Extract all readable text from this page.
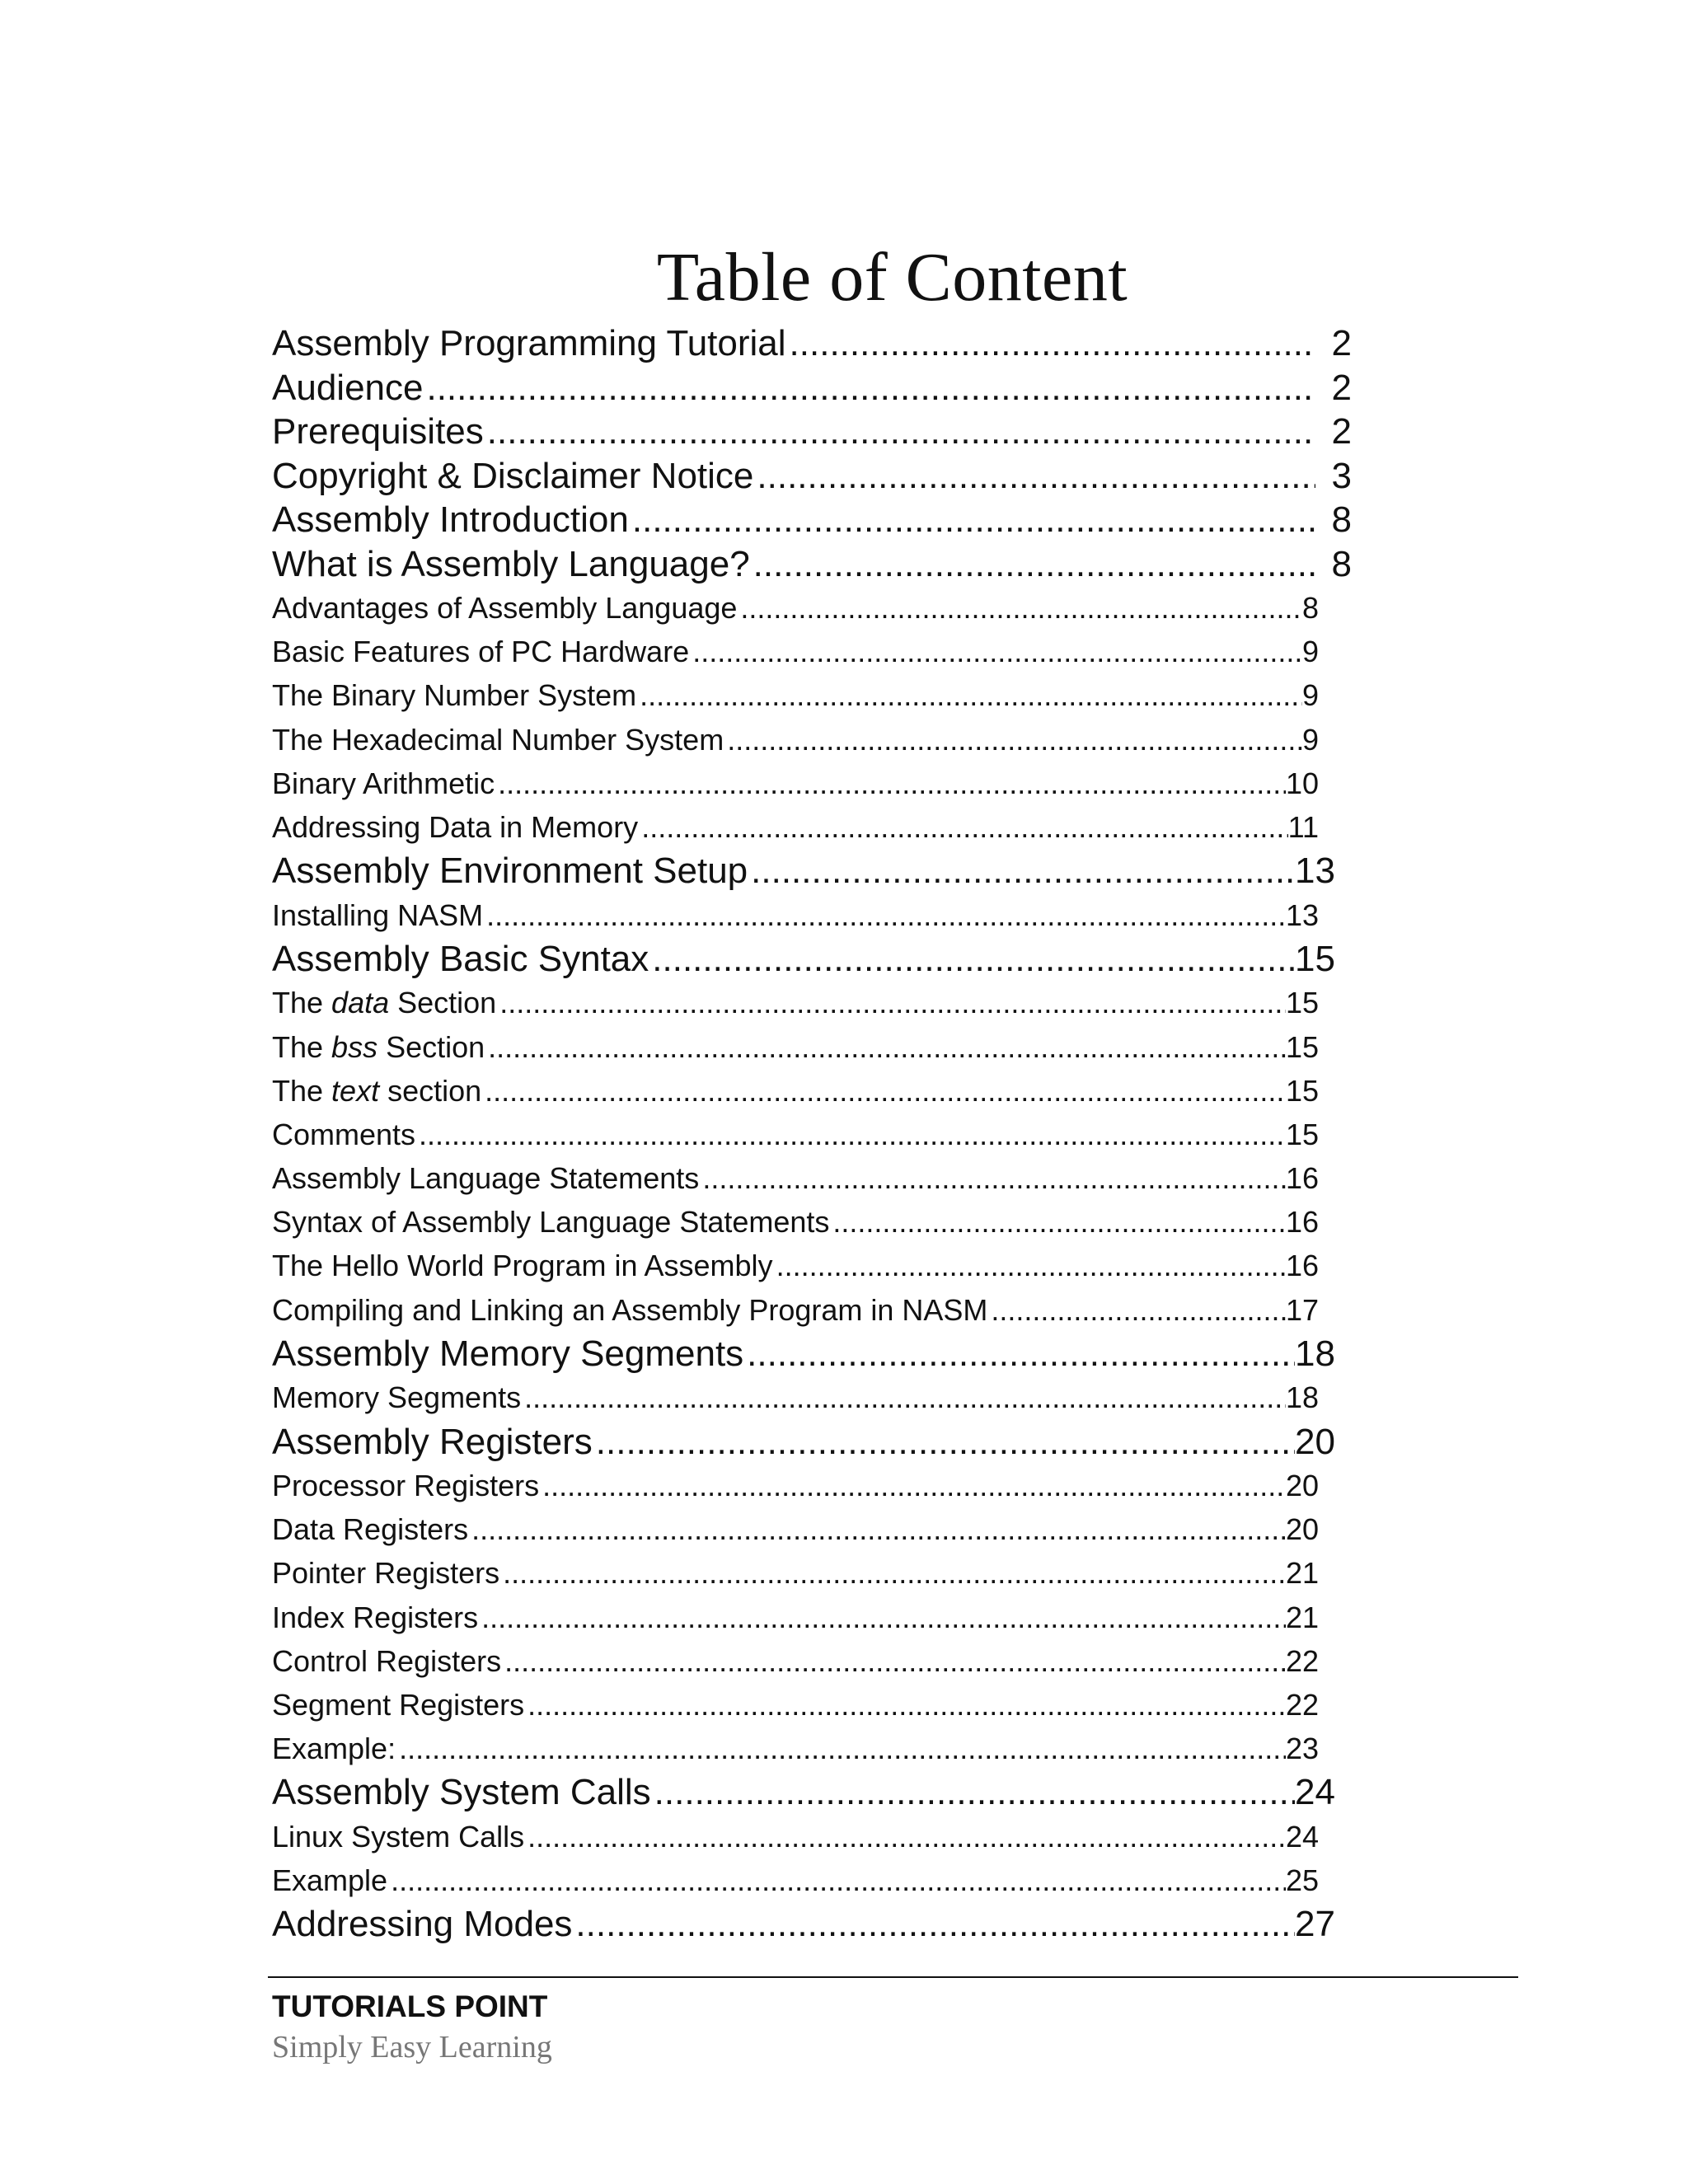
Table of Content
Assembly Programming Tutorial .....	2
Audience .....	2
Prerequisites .....	2
Copyright & Disclaimer Notice .....	3
Assembly Introduction .....	8
What is Assembly Language? .....	8
Advantages of Assembly Language .....	8
Basic Features of PC Hardware .....	9
The Binary Number System .....	9
The Hexadecimal Number System .....	9
Binary Arithmetic .....	10
Addressing Data in Memory .....	11
Assembly Environment Setup .....	13
Installing NASM .....	13
Assembly Basic Syntax .....	15
The data Section .....	15
The bss Section .....	15
The text section .....	15
Comments .....	15
Assembly Language Statements .....	16
Syntax of Assembly Language Statements .....	16
The Hello World Program in Assembly .....	16
Compiling and Linking an Assembly Program in NASM .....	17
Assembly Memory Segments .....	18
Memory Segments .....	18
Assembly Registers .....	20
Processor Registers .....	20
Data Registers .....	20
Pointer Registers .....	21
Index Registers .....	21
Control Registers .....	22
Segment Registers .....	22
Example: .....	23
Assembly System Calls .....	24
Linux System Calls .....	24
Example .....	25
Addressing Modes .....	27
TUTORIALS POINT
Simply Easy Learning
